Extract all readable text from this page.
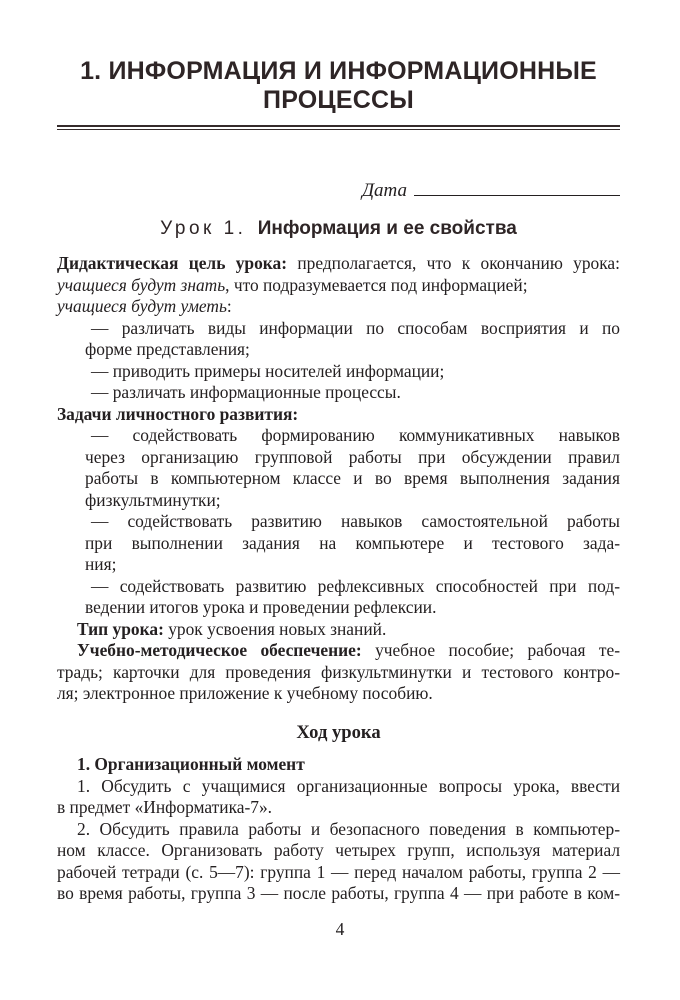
1. ИНФОРМАЦИЯ И ИНФОРМАЦИОННЫЕ
ПРОЦЕССЫ
Дата
Урок 1. Информация и ее свойства
Дидактическая цель урока: предполагается, что к окончанию урока:
учащиеся будут знать, что подразумевается под информацией;
учащиеся будут уметь:
— различать виды информации по способам восприятия и по
форме представления;
— приводить примеры носителей информации;
— различать информационные процессы.
Задачи личностного развития:
— содействовать формированию коммуникативных навыков
через организацию групповой работы при обсуждении правил
работы в компьютерном классе и во время выполнения задания
физкультминутки;
— содействовать развитию навыков самостоятельной работы
при выполнении задания на компьютере и тестового зада-
ния;
— содействовать развитию рефлексивных способностей при под-
ведении итогов урока и проведении рефлексии.
Тип урока: урок усвоения новых знаний.
Учебно-методическое обеспечение: учебное пособие; рабочая те-
традь; карточки для проведения физкультминутки и тестового контро-
ля; электронное приложение к учебному пособию.
Ход урока
1. Организационный момент
1. Обсудить с учащимися организационные вопросы урока, ввести
в предмет «Информатика-7».
2. Обсудить правила работы и безопасного поведения в компьютер-
ном классе. Организовать работу четырех групп, используя материал
рабочей тетради (с. 5—7): группа 1 — перед началом работы, группа 2 —
во время работы, группа 3 — после работы, группа 4 — при работе в ком-
4
